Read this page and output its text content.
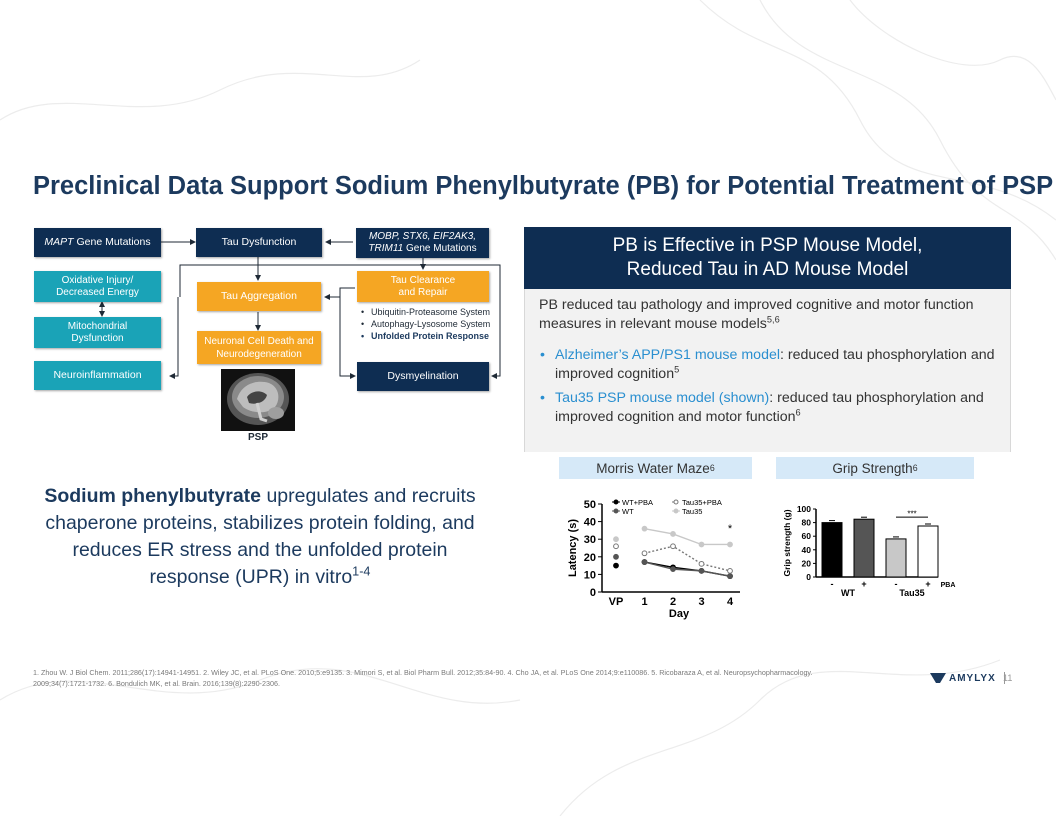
Preclinical Data Support Sodium Phenylbutyrate (PB) for Potential Treatment of PSP
MAPT Gene Mutations	Tau Dysfunction	MOBP, STX6, EIF2AK3,
TRIM11 Gene Mutations
Oxidative Injury/
Decreased Energy
Mitochondrial
Dysfunction
Neuroinflammation
Tau Aggregation
Neuronal Cell Death and
Neurodegeneration
Tau Clearance
and Repair
• Ubiquitin-Proteasome System
• Autophagy-Lysosome System
• Unfolded Protein Response
Dysmyelination
PSP
Sodium phenylbutyrate upregulates and recruits chaperone proteins, stabilizes protein folding, and reduces ER stress and the unfolded protein response (UPR) in vitro$^{1-4}$
PB is Effective in PSP Mouse Model,
Reduced Tau in AD Mouse Model
PB reduced tau pathology and improved cognitive and motor function measures in relevant mouse models$^{5,6}$
• Alzheimer’s APP/PS1 mouse model: reduced tau phosphorylation and improved cognition$^5$
• Tau35 PSP mouse model (shown): reduced tau phosphorylation and improved cognition and motor function$^6$
Morris Water Maze 6	Grip Strength 6
0
10
20
30
40
50
VP 1 2 3 4
Day
Latency (s)	*
WT+PBA
WT
Tau35+PBA
Tau35
0
20
40
60
80
100
Grip strength (g)
-	+	-	+
WT	Tau35
PBA
***
1. Zhou W. J Biol Chem. 2011;286(17):14941-14951. 2. Wiley JC, et al. PLoS One. 2010;5:e9135. 3. Mimori S, et al. Biol Pharm Bull. 2012;35:84-90. 4. Cho JA, et al. PLoS One 2014;9:e110086. 5. Ricobaraza A, et al. Neuropsychopharmacology.
2009;34(7):1721-1732. 6. Bondulich MK, et al. Brain. 2016;139(8):2290-2306.	AMYLYX 11
